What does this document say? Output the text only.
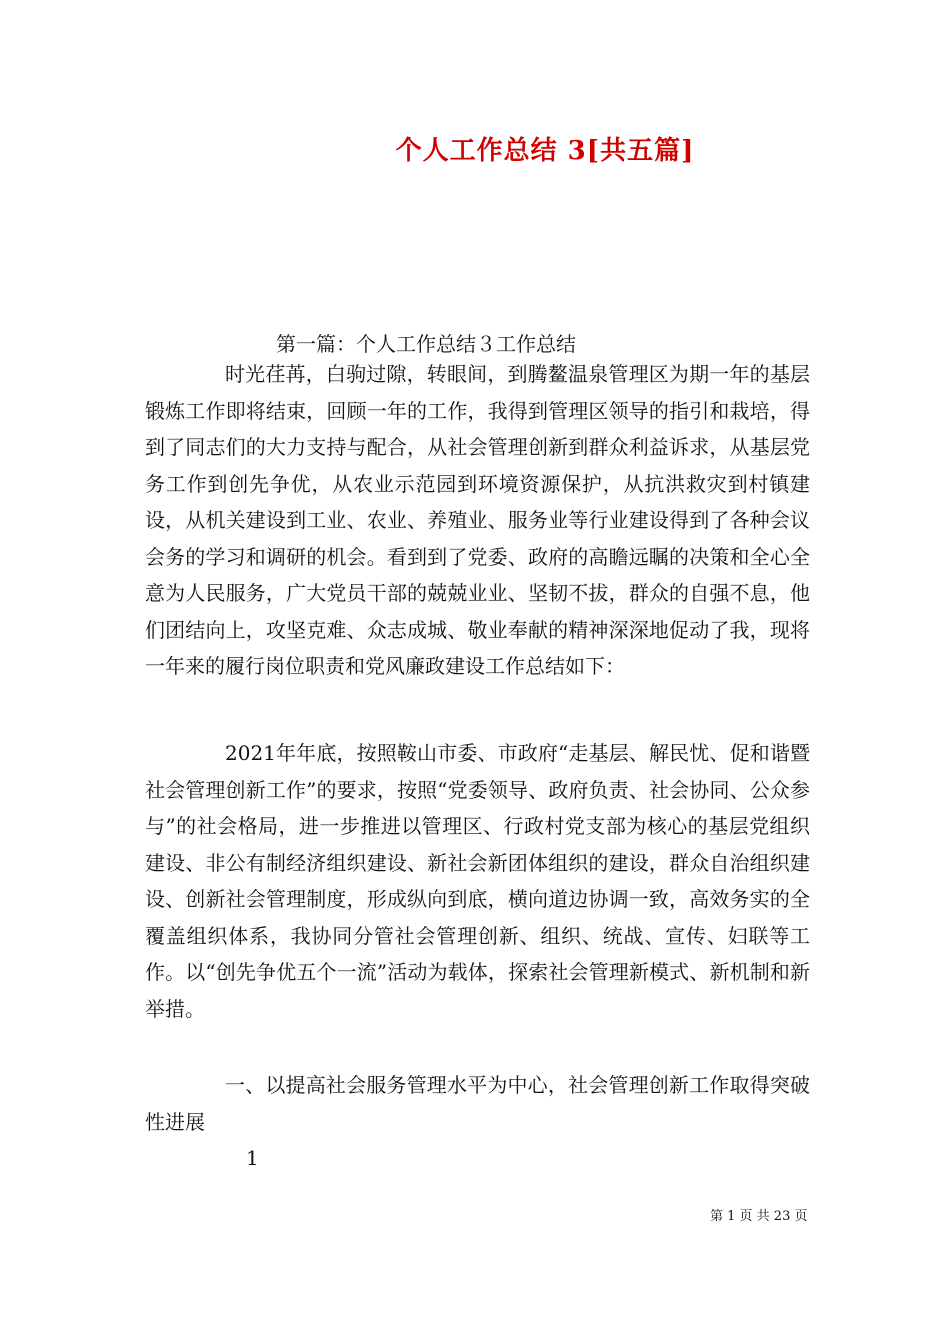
个人工作总结 3[共五篇]
第一篇：个人工作总结３工作总结

时光荏苒，白驹过隙，转眼间，到腾鳌温泉管理区为期一年的基层锻炼工作即将结束，回顾一年的工作，我得到管理区领导的指引和栽培，得到了同志们的大力支持与配合，从社会管理创新到群众利益诉求，从基层党务工作到创先争优，从农业示范园到环境资源保护，从抗洪救灾到村镇建设，从机关建设到工业、农业、养殖业、服务业等行业建设得到了各种会议会务的学习和调研的机会。看到到了党委、政府的高瞻远瞩的决策和全心全意为人民服务，广大党员干部的兢兢业业、坚韧不拔，群众的自强不息，他们团结向上，攻坚克难、众志成城、敬业奉献的精神深深地促动了我，现将一年来的履行岗位职责和党风廉政建设工作总结如下：

2021年年底，按照鞍山市委、市政府“走基层、解民忧、促和谐暨社会管理创新工作”的要求，按照“党委领导、政府负责、社会协同、公众参与”的社会格局，进一步推进以管理区、行政村党支部为核心的基层党组织建设、非公有制经济组织建设、新社会新团体组织的建设，群众自治组织建设、创新社会管理制度，形成纵向到底，横向道边协调一致，高效务实的全覆盖组织体系，我协同分管社会管理创新、组织、统战、宣传、妇联等工作。以“创先争优五个一流”活动为载体，探索社会管理新模式、新机制和新举措。

一、以提高社会服务管理水平为中心，社会管理创新工作取得突破性进展

1
第 1 页 共 23 页
